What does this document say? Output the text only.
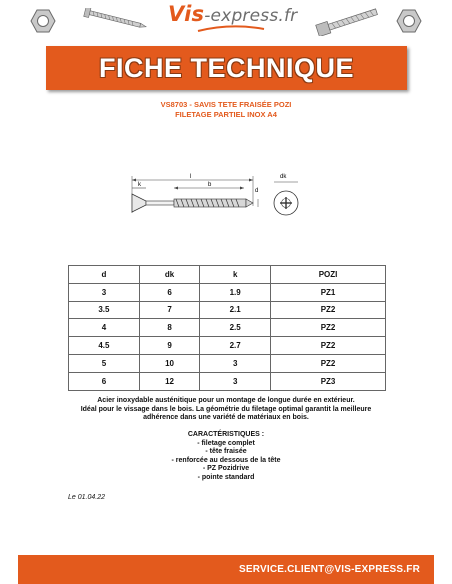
Vis-express.fr
FICHE TECHNIQUE
VS8703 - SAVIS TETE FRAISÉE POZI
FILETAGE PARTIEL INOX A4
l
k	b
d
dk
d	dk	k	POZI
3	6	1.9	PZ1
3.5	7	2.1	PZ2
4	8	2.5	PZ2
4.5	9	2.7	PZ2
5	10	3	PZ2
6	12	3	PZ3
Acier inoxydable austénitique pour un montage de longue durée en extérieur.
Idéal pour le vissage dans le bois. La géométrie du filetage optimal garantit la meilleure
adhérence dans une variété de matériaux en bois.
CARACTÉRISTIQUES :
- filetage complet
- tête fraisée
- renforcée au dessous de la tête
- PZ Pozidrive
- pointe standard
Le 01.04.22
SERVICE.CLIENT@VIS-EXPRESS.FR
